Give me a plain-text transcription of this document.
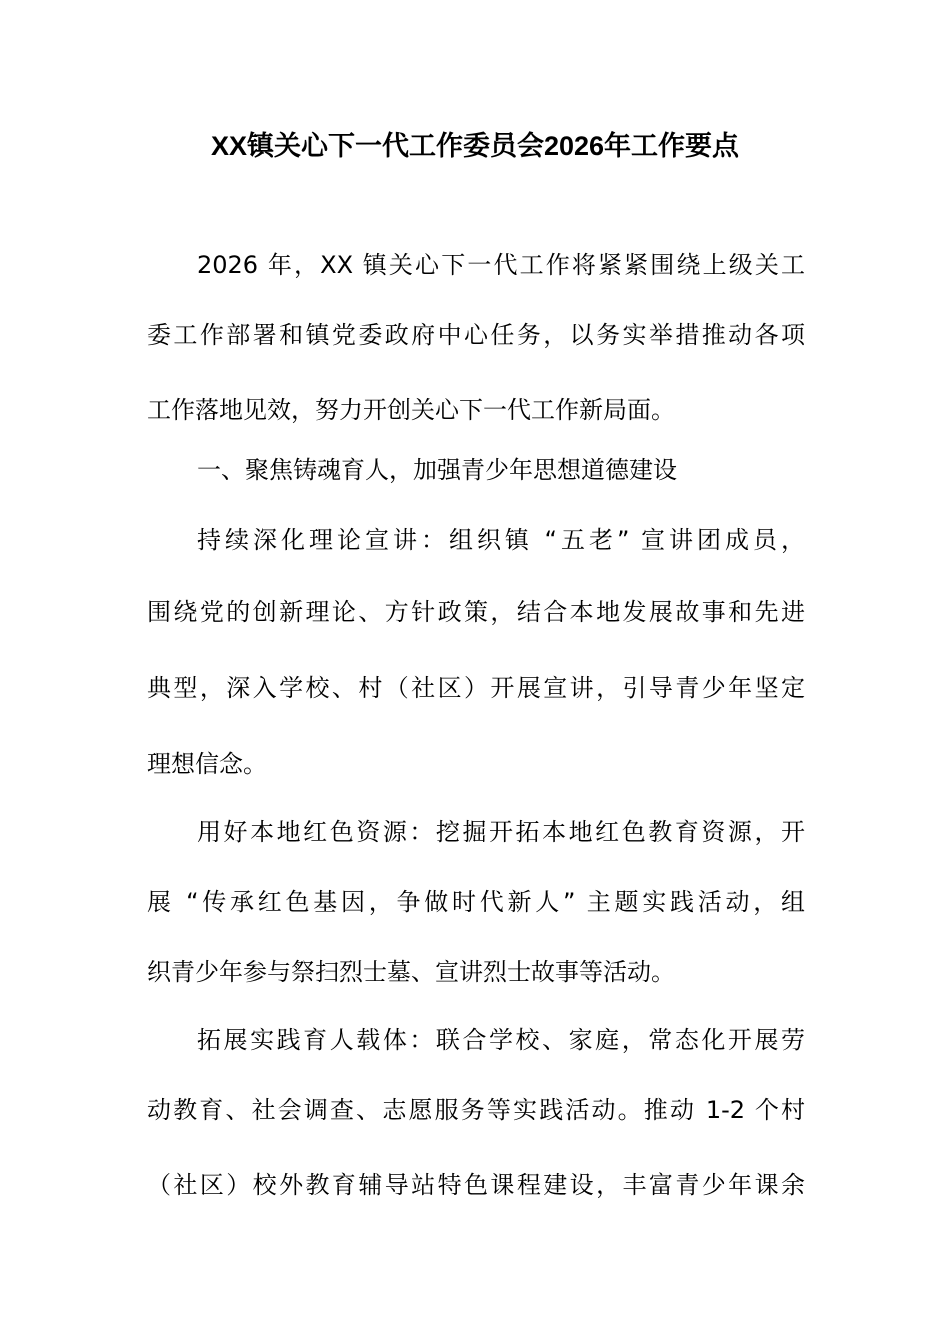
XX镇关心下一代工作委员会2026年工作要点
2026 年，XX 镇关心下一代工作将紧紧围绕上级关工
委工作部署和镇党委政府中心任务，以务实举措推动各项
工作落地见效，努力开创关心下一代工作新局面。
一、聚焦铸魂育人，加强青少年思想道德建设
持续深化理论宣讲：组织镇 “五老” 宣讲团成员，
围绕党的创新理论、方针政策，结合本地发展故事和先进
典型，深入学校、村（社区）开展宣讲，引导青少年坚定
理想信念。
用好本地红色资源：挖掘开拓本地红色教育资源，开
展 “传承红色基因，争做时代新人” 主题实践活动，组
织青少年参与祭扫烈士墓、宣讲烈士故事等活动。
拓展实践育人载体：联合学校、家庭，常态化开展劳
动教育、社会调查、志愿服务等实践活动。推动 1-2 个村
（社区）校外教育辅导站特色课程建设，丰富青少年课余
